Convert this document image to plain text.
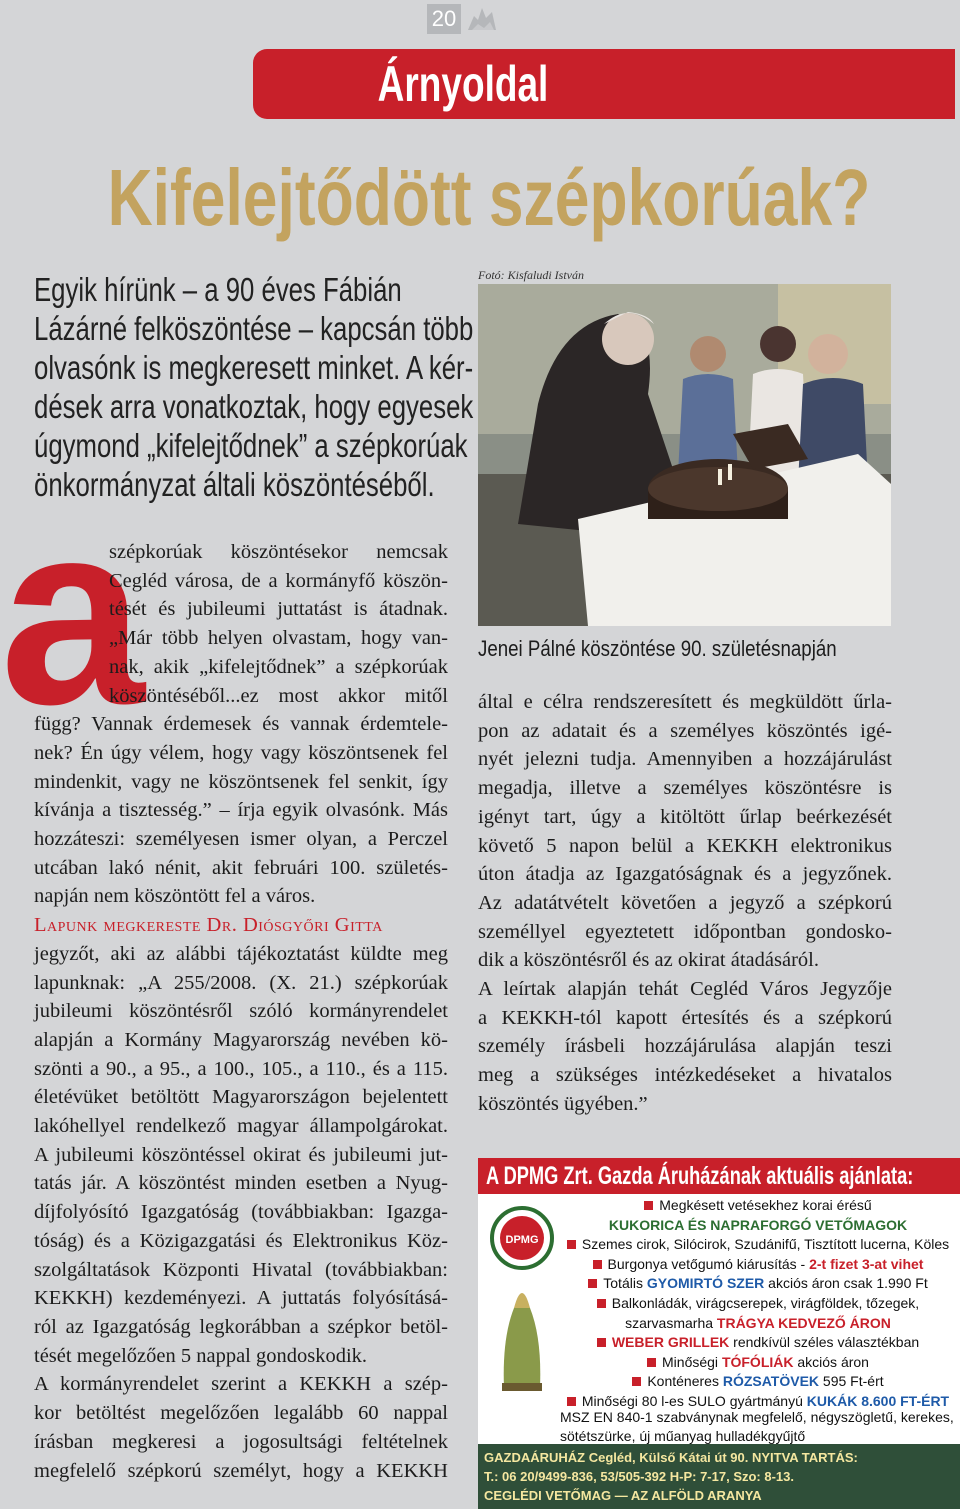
20
Árnyoldal
Kifelejtődött szépkorúak?
Egyik hírünk – a 90 éves Fábián
Lázárné felköszöntése – kapcsán több
olvasónk is megkeresett minket. A kér-
dések arra vonatkoztak, hogy egyesek
úgymond „kifelejtődnek” a szépkorúak
önkormányzat általi köszöntéséből.
a
szépkorúak köszöntésekor nemcsak
Cegléd városa, de a kormányfő köszön-
tését és jubileumi juttatást is átadnak.
„Már több helyen olvastam, hogy van-
nak, akik „kifelejtődnek” a szépkorúak
köszöntéséből...ez most akkor mitől
függ? Vannak érdemesek és vannak érdemtele-
nek? Én úgy vélem, hogy vagy köszöntsenek fel
mindenkit, vagy ne köszöntsenek fel senkit, így
kívánja a tisztesség.” – írja egyik olvasónk. Más
hozzáteszi: személyesen ismer olyan, a Perczel
utcában lakó nénit, akit februári 100. születés-
napján nem köszöntött fel a város.
Lapunk megkereste Dr. Diósgyőri Gitta
jegyzőt, aki az alábbi tájékoztatást küldte meg
lapunknak: „A 255/2008. (X. 21.) szépkorúak
jubileumi köszöntésről szóló kormányrendelet
alapján a Kormány Magyarország nevében kö-
szönti a 90., a 95., a 100., 105., a 110., és a 115.
életévüket betöltött Magyarországon bejelentett
lakóhellyel rendelkező magyar állampolgárokat.
A jubileumi köszöntéssel okirat és jubileumi jut-
tatás jár. A köszöntést minden esetben a Nyug-
díjfolyósító Igazgatóság (továbbiakban: Igazga-
tóság) és a Közigazgatási és Elektronikus Köz-
szolgáltatások Központi Hivatal (továbbiakban:
KEKKH) kezdeményezi. A juttatás folyósításá-
ról az Igazgatóság legkorábban a szépkor betöl-
tését megelőzően 5 nappal gondoskodik.
A kormányrendelet szerint a KEKKH a szép-
kor betöltést megelőzően legalább 60 nappal
írásban megkeresi a jogosultsági feltételnek
megfelelő szépkorú személyt, hogy a KEKKH
Fotó: Kisfaludi István
Jenei Pálné köszöntése 90. születésnapján
által e célra rendszeresített és megküldött űrla-
pon az adatait és a személyes köszöntés igé-
nyét jelezni tudja. Amennyiben a hozzájárulást
megadja, illetve a személyes köszöntésre is
igényt tart, úgy a kitöltött űrlap beérkezését
követő 5 napon belül a KEKKH elektronikus
úton átadja az Igazgatóságnak és a jegyzőnek.
Az adatátvételt követően a jegyző a szépkorú
személlyel egyeztetett időpontban gondosko-
dik a köszöntésről és az okirat átadásáról.
A leírtak alapján tehát Cegléd Város Jegyzője
a KEKKH-tól kapott értesítés és a szépkorú
személy írásbeli hozzájárulása alapján teszi
meg a szükséges intézkedéseket a hivatalos
köszöntés ügyében.”
A DPMG Zrt. Gazda Áruházának aktuális ajánlata:
DPMG
Megkésett vetésekhez korai érésű
KUKORICA ÉS NAPRAFORGÓ VETŐMAGOK
Szemes cirok, Silócirok, Szudánifű, Tisztított lucerna, Köles
Burgonya vetőgumó kiárusítás - 2-t fizet 3-at vihet
Totális GYOMIRTÓ SZER akciós áron csak 1.990 Ft
Balkonládák, virágcserepek, virágföldek, tőzegek,
szarvasmarha TRÁGYA KEDVEZŐ ÁRON
WEBER GRILLEK rendkívül széles választékban
Minőségi TÓFÓLIÁK akciós áron
Konténeres RÓZSATÖVEK 595 Ft-ért
Minőségi 80 l-es SULO gyártmányú KUKÁK 8.600 FT-ÉRT
GAZDAÁRUHÁZ Cegléd, Külső Kátai út 90. NYITVA TARTÁS:
T.: 06 20/9499-836, 53/505-392 H-P: 7-17, Szo: 8-13.
CEGLÉDI VETŐMAG — AZ ALFÖLD ARANYA
MSZ EN 840-1 szabványnak megfelelő, négyszögletű, kerekes,
sötétszürke, új műanyag hulladékgyűjtő
